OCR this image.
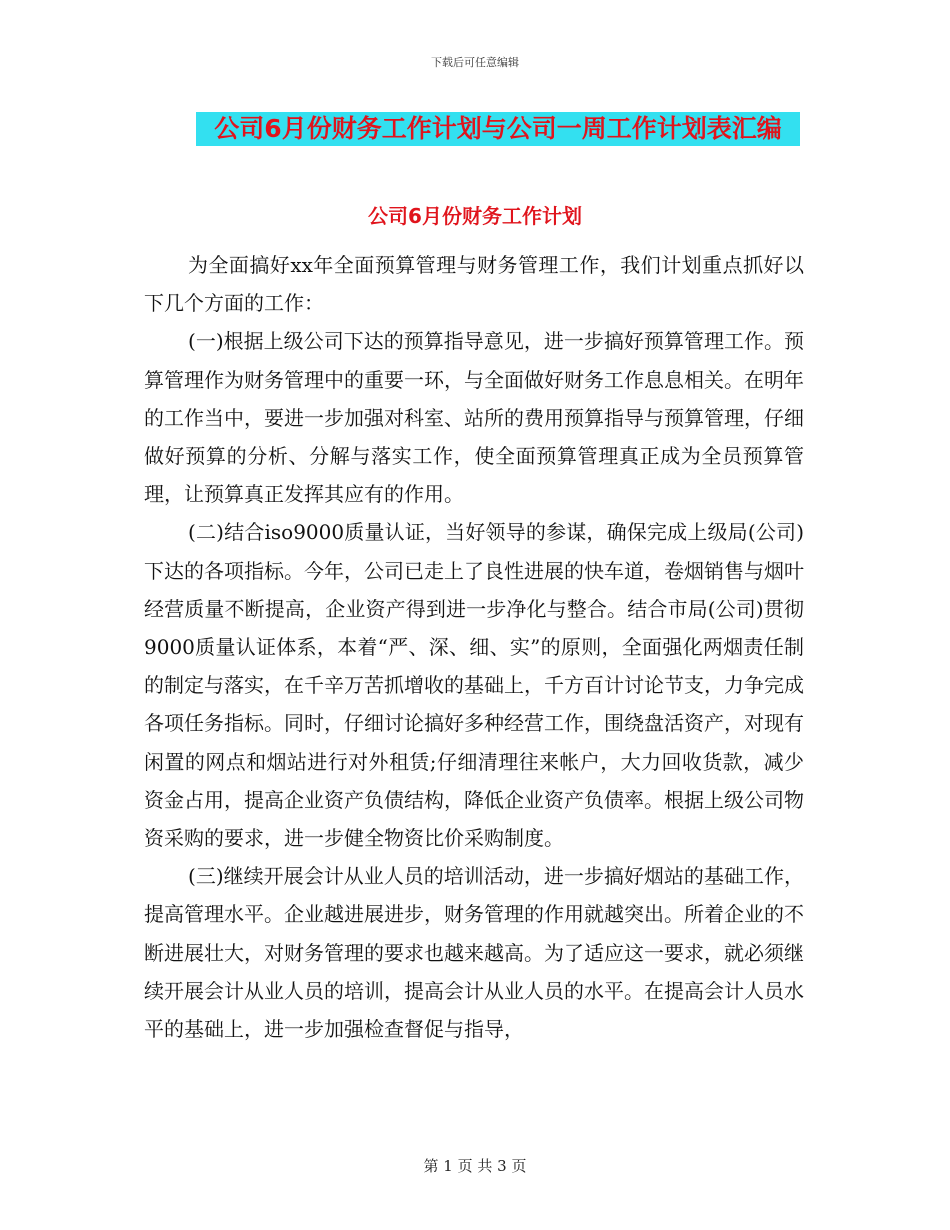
下载后可任意编辑
公司6月份财务工作计划与公司一周工作计划表汇编
公司6月份财务工作计划

为全面搞好xx年全面预算管理与财务管理工作，我们计划重点抓好以下几个方面的工作：

(一)根据上级公司下达的预算指导意见，进一步搞好预算管理工作。预算管理作为财务管理中的重要一环，与全面做好财务工作息息相关。在明年的工作当中，要进一步加强对科室、站所的费用预算指导与预算管理，仔细做好预算的分析、分解与落实工作，使全面预算管理真正成为全员预算管理，让预算真正发挥其应有的作用。

(二)结合iso9000质量认证，当好领导的参谋，确保完成上级局(公司)下达的各项指标。今年，公司已走上了良性进展的快车道，卷烟销售与烟叶经营质量不断提高，企业资产得到进一步净化与整合。结合市局(公司)贯彻9000质量认证体系，本着“严、深、细、实”的原则，全面强化两烟责任制的制定与落实，在千辛万苦抓增收的基础上，千方百计讨论节支，力争完成各项任务指标。同时，仔细讨论搞好多种经营工作，围绕盘活资产，对现有闲置的网点和烟站进行对外租赁;仔细清理往来帐户，大力回收货款，减少资金占用，提高企业资产负债结构，降低企业资产负债率。根据上级公司物资采购的要求，进一步健全物资比价采购制度。

(三)继续开展会计从业人员的培训活动，进一步搞好烟站的基础工作，提高管理水平。企业越进展进步，财务管理的作用就越突出。所着企业的不断进展壮大，对财务管理的要求也越来越高。为了适应这一要求，就必须继续开展会计从业人员的培训，提高会计从业人员的水平。在提高会计人员水平的基础上，进一步加强检查督促与指导，

第 1 页 共 3 页
